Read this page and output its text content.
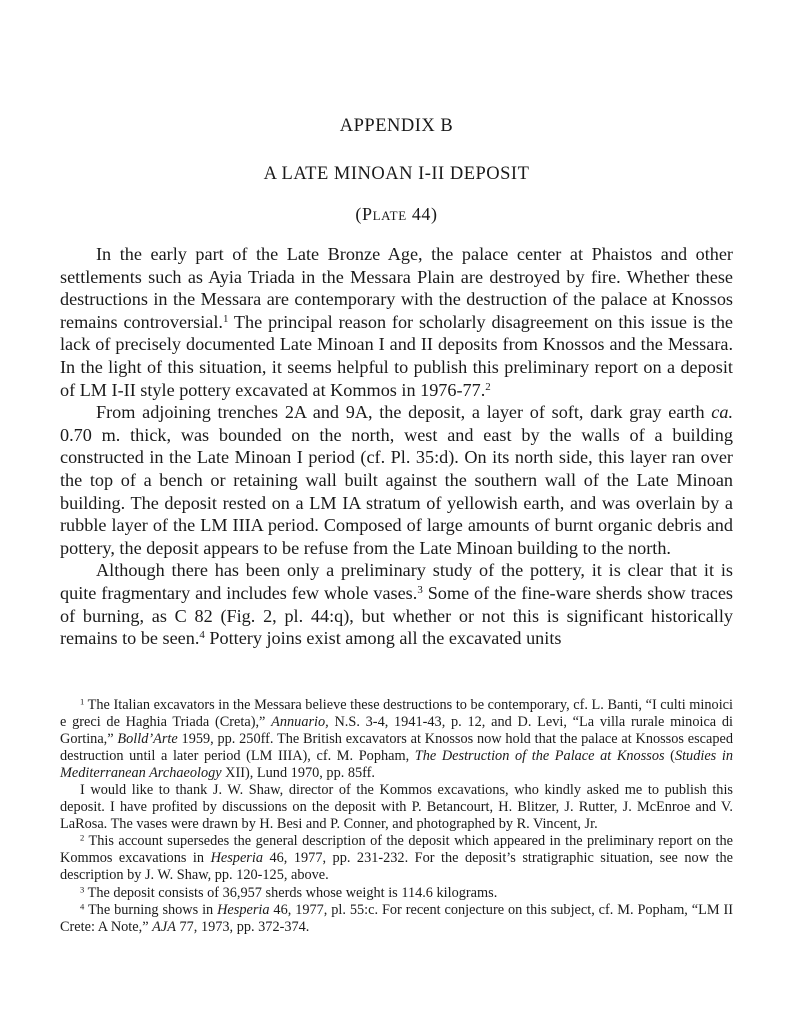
APPENDIX B
A LATE MINOAN I-II DEPOSIT
(Plate 44)

In the early part of the Late Bronze Age, the palace center at Phaistos and other settlements such as Ayia Triada in the Messara Plain are destroyed by fire. Whether these destructions in the Messara are contemporary with the destruction of the palace at Knossos remains controversial.$^1$ The principal reason for scholarly disagreement on this issue is the lack of precisely documented Late Minoan I and II deposits from Knossos and the Messara. In the light of this situation, it seems helpful to publish this preliminary report on a deposit of LM I-II style pottery excavated at Kommos in 1976-77.$^2$

From adjoining trenches 2A and 9A, the deposit, a layer of soft, dark gray earth ca. 0.70 m. thick, was bounded on the north, west and east by the walls of a building constructed in the Late Minoan I period (cf. Pl. 35:d). On its north side, this layer ran over the top of a bench or retaining wall built against the southern wall of the Late Minoan building. The deposit rested on a LM IA stratum of yellowish earth, and was overlain by a rubble layer of the LM IIIA period. Composed of large amounts of burnt organic debris and pottery, the deposit appears to be refuse from the Late Minoan building to the north.

Although there has been only a preliminary study of the pottery, it is clear that it is quite fragmentary and includes few whole vases.$^3$ Some of the fine-ware sherds show traces of burning, as C 82 (Fig. 2, pl. 44:q), but whether or not this is significant historically remains to be seen.$^4$ Pottery joins exist among all the excavated units

$^1$ The Italian excavators in the Messara believe these destructions to be contemporary, cf. L. Banti, “I culti minoici e greci de Haghia Triada (Creta),” Annuario, N.S. 3-4, 1941-43, p. 12, and D. Levi, “La villa rurale minoica di Gortina,” Bolld’Arte 1959, pp. 250ff. The British excavators at Knossos now hold that the palace at Knossos escaped destruction until a later period (LM IIIA), cf. M. Popham, The Destruction of the Palace at Knossos (Studies in Mediterranean Archaeology XII), Lund 1970, pp. 85ff.

I would like to thank J. W. Shaw, director of the Kommos excavations, who kindly asked me to publish this deposit. I have profited by discussions on the deposit with P. Betancourt, H. Blitzer, J. Rutter, J. McEnroe and V. LaRosa. The vases were drawn by H. Besi and P. Conner, and photographed by R. Vincent, Jr.

$^2$ This account supersedes the general description of the deposit which appeared in the preliminary report on the Kommos excavations in Hesperia 46, 1977, pp. 231-232. For the deposit’s stratigraphic situation, see now the description by J. W. Shaw, pp. 120-125, above.

$^3$ The deposit consists of 36,957 sherds whose weight is 114.6 kilograms.

$^4$ The burning shows in Hesperia 46, 1977, pl. 55:c. For recent conjecture on this subject, cf. M. Popham, “LM II Crete: A Note,” AJA 77, 1973, pp. 372-374.
